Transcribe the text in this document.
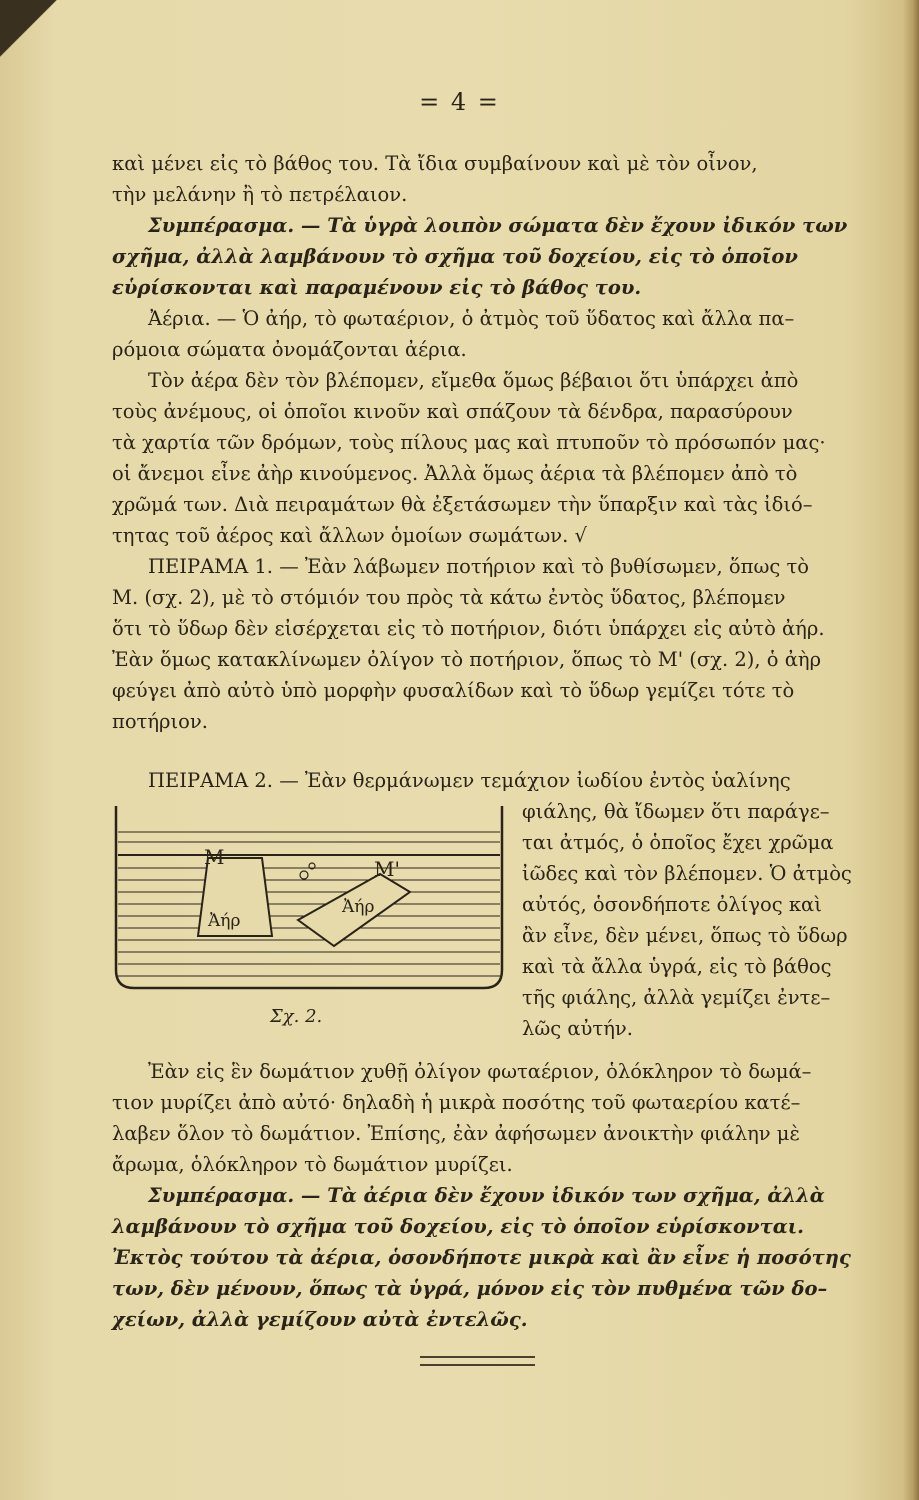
= 4 =
καὶ μένει εἰς τὸ βάθος του. Τὰ ἴδια συμβαίνουν καὶ μὲ τὸν οἶνον,
τὴν μελάνην ἢ τὸ πετρέλαιον.
Συμπέρασμα. — Τὰ ὑγρὰ λοιπὸν σώματα δὲν ἔχουν ἰδικόν των
σχῆμα, ἀλλὰ λαμβάνουν τὸ σχῆμα τοῦ δοχείου, εἰς τὸ ὁποῖον
εὑρίσκονται καὶ παραμένουν εἰς τὸ βάθος του.
Ἀέρια. — Ὁ ἀήρ, τὸ φωταέριον, ὁ ἀτμὸς τοῦ ὕδατος καὶ ἄλλα πα–
ρόμοια σώματα ὀνομάζονται ἀέρια.
Τὸν ἀέρα δὲν τὸν βλέπομεν, εἴμεθα ὅμως βέβαιοι ὅτι ὑπάρχει ἀπὸ
τοὺς ἀνέμους, οἱ ὁποῖοι κινοῦν καὶ σπάζουν τὰ δένδρα, παρασύρουν
τὰ χαρτία τῶν δρόμων, τοὺς πίλους μας καὶ πτυποῦν τὸ πρόσωπόν μας·
οἱ ἄνεμοι εἶνε ἀὴρ κινούμενος. Ἀλλὰ ὅμως ἀέρια τὰ βλέπομεν ἀπὸ τὸ
χρῶμά των. Διὰ πειραμάτων θὰ ἐξετάσωμεν τὴν ὕπαρξιν καὶ τὰς ἰδιό–
τητας τοῦ ἀέρος καὶ ἄλλων ὁμοίων σωμάτων. √
ΠΕΙΡΑΜΑ 1. — Ἐὰν λάβωμεν ποτήριον καὶ τὸ βυθίσωμεν, ὅπως τὸ
Μ. (σχ. 2), μὲ τὸ στόμιόν του πρὸς τὰ κάτω ἐντὸς ὕδατος, βλέπομεν
ὅτι τὸ ὕδωρ δὲν εἰσέρχεται εἰς τὸ ποτήριον, διότι ὑπάρχει εἰς αὐτὸ ἀήρ.
Ἐὰν ὅμως κατακλίνωμεν ὀλίγον τὸ ποτήριον, ὅπως τὸ Μ' (σχ. 2), ὁ ἀὴρ
φεύγει ἀπὸ αὐτὸ ὑπὸ μορφὴν φυσαλίδων καὶ τὸ ὕδωρ γεμίζει τότε τὸ
ποτήριον.
ΠΕΙΡΑΜΑ 2. — Ἐὰν θερμάνωμεν τεμάχιον ἰωδίου ἐντὸς ὑαλίνης
φιάλης, θὰ ἴδωμεν ὅτι παράγε–
ται ἀτμός, ὁ ὁποῖος ἔχει χρῶμα
ἰῶδες καὶ τὸν βλέπομεν. Ὁ ἀτμὸς
αὐτός, ὁσονδήποτε ὀλίγος καὶ
ἂν εἶνε, δὲν μένει, ὅπως τὸ ὕδωρ
καὶ τὰ ἄλλα ὑγρά, εἰς τὸ βάθος
τῆς φιάλης, ἀλλὰ γεμίζει ἐντε–
λῶς αὐτήν.
M	M'
Ἀήρ
Ἀήρ
Σχ. 2.
Ἐὰν εἰς ἓν δωμάτιον χυθῇ ὀλίγον φωταέριον, ὁλόκληρον τὸ δωμά–
τιον μυρίζει ἀπὸ αὐτό· δηλαδὴ ἡ μικρὰ ποσότης τοῦ φωταερίου κατέ–
λαβεν ὅλον τὸ δωμάτιον. Ἐπίσης, ἐὰν ἀφήσωμεν ἀνοικτὴν φιάλην μὲ
ἄρωμα, ὁλόκληρον τὸ δωμάτιον μυρίζει.
Συμπέρασμα. — Τὰ ἀέρια δὲν ἔχουν ἰδικόν των σχῆμα, ἀλλὰ
λαμβάνουν τὸ σχῆμα τοῦ δοχείου, εἰς τὸ ὁποῖον εὑρίσκονται.
Ἐκτὸς τούτου τὰ ἀέρια, ὁσονδήποτε μικρὰ καὶ ἂν εἶνε ἡ ποσότης
των, δὲν μένουν, ὅπως τὰ ὑγρά, μόνον εἰς τὸν πυθμένα τῶν δο–
χείων, ἀλλὰ γεμίζουν αὐτὰ ἐντελῶς.
